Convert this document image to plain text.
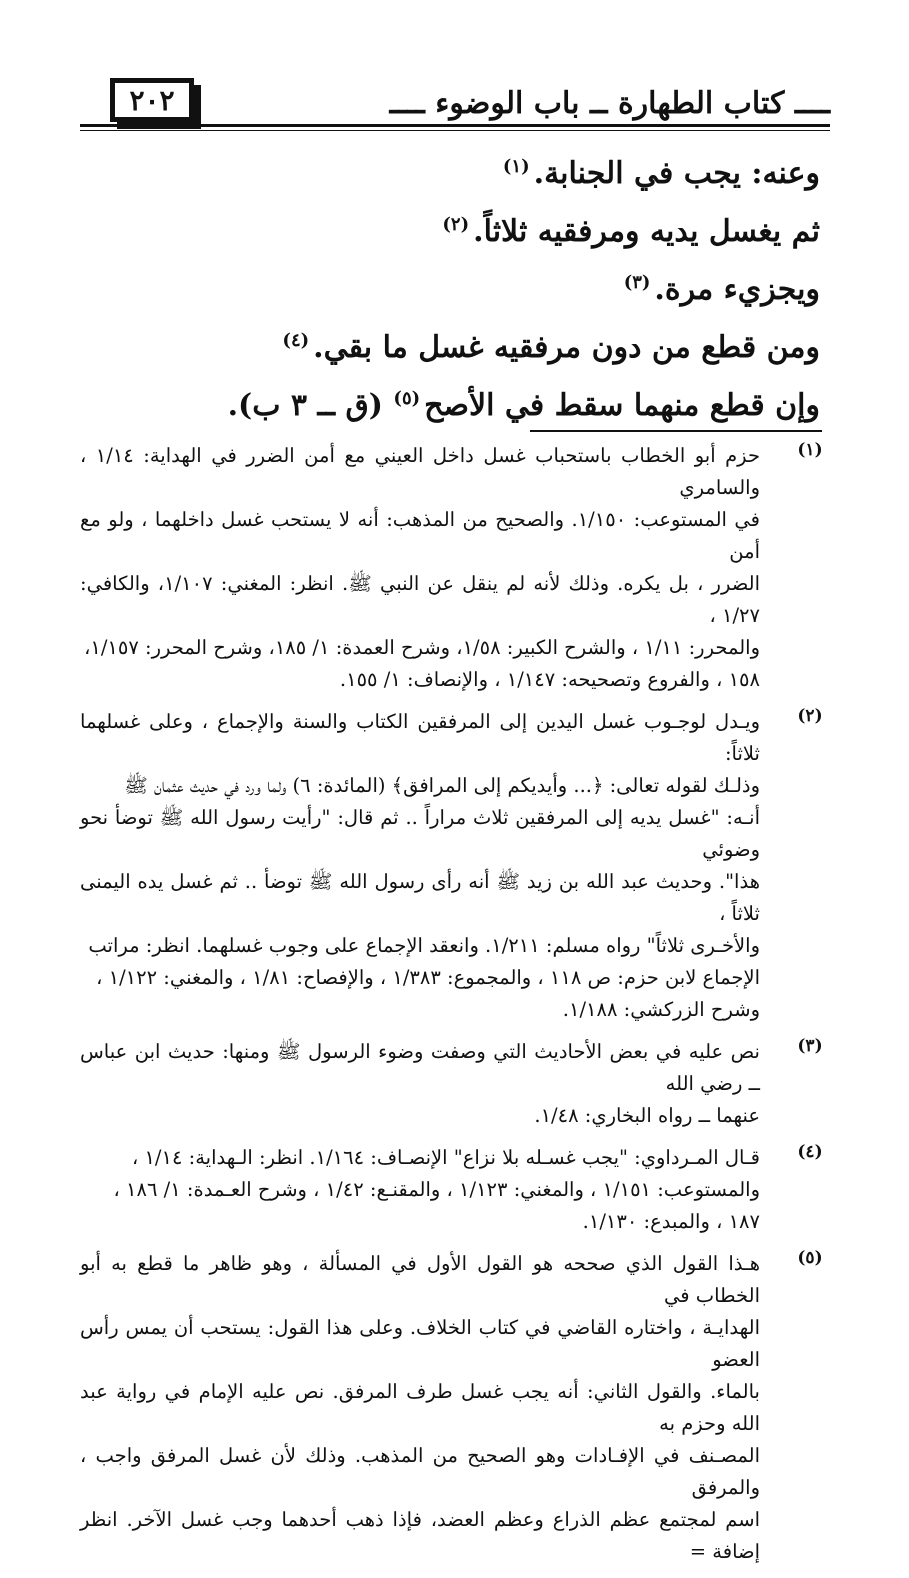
٢٠٢	ــــ كتاب الطهارة ــ باب الوضوء ــــ
وعنه: يجب في الجنابة.$^{(١)}$
ثم يغسل يديه ومرفقيه ثلاثاً.$^{(٢)}$
ويجزيء مرة.$^{(٣)}$
ومن قطع من دون مرفقيه غسل ما بقي.$^{(٤)}$
وإن قطع منهما سقط في الأصح$^{(٥)}$ (ق ــ ٣ ب).
(١)
حزم أبو الخطاب باستحباب غسل داخل العيني مع أمن الضرر في الهداية: ١/١٤ ، والسامري
في المستوعب: ١/١٥٠. والصحيح من المذهب: أنه لا يستحب غسل داخلهما ، ولو مع أمن
الضرر ، بل يكره. وذلك لأنه لم ينقل عن النبي ﷺ. انظر: المغني: ١/١٠٧، والكافي: ١/٢٧ ،
والمحرر: ١/١١ ، والشرح الكبير: ١/٥٨، وشرح العمدة: ١/ ١٨٥، وشرح المحرر: ١/١٥٧،
١٥٨ ، والفروع وتصحيحه: ١/١٤٧ ، والإنصاف: ١/ ١٥٥.
(٢)
ويـدل لوجـوب غسل اليدين إلى المرفقين الكتاب والسنة والإجماع ، وعلى غسلهما ثلاثاً:
وذلـك لقوله تعالى: ﴿... وأيديكم إلى المرافق﴾ (المائدة: ٦) ولما ورد في حديث عثمان ﷺ
أنـه: "غسل يديه إلى المرفقين ثلاث مراراً .. ثم قال: "رأيت رسول الله ﷺ توضأ نحو وضوئي
هذا". وحديث عبد الله بن زيد ﷺ أنه رأى رسول الله ﷺ توضأ .. ثم غسل يده اليمنى ثلاثاً ،
والأخـرى ثلاثاً" رواه مسلم: ١/٢١١. وانعقد الإجماع على وجوب غسلهما. انظر: مراتب
الإجماع لابن حزم: ص ١١٨ ، والمجموع: ١/٣٨٣ ، والإفصاح: ١/٨١ ، والمغني: ١/١٢٢ ،
وشرح الزركشي: ١/١٨٨.
(٣)
نص عليه في بعض الأحاديث التي وصفت وضوء الرسول ﷺ ومنها: حديث ابن عباس ــ رضي الله
عنهما ــ رواه البخاري: ١/٤٨.
(٤)
قـال المـرداوي: "يجب غسـله بلا نزاع" الإنصـاف: ١/١٦٤. انظر: الـهداية: ١/١٤ ،
والمستوعب: ١/١٥١ ، والمغني: ١/١٢٣ ، والمقنـع: ١/٤٢ ، وشرح العـمدة: ١/ ١٨٦ ،
١٨٧ ، والمبدع: ١/١٣٠.
(٥)
هـذا القول الذي صححه هو القول الأول في المسألة ، وهو ظاهر ما قطع به أبو الخطاب في
الهدايـة ، واختاره القاضي في كتاب الخلاف. وعلى هذا القول: يستحب أن يمس رأس العضو
بالماء. والقول الثاني: أنه يجب غسل طرف المرفق. نص عليه الإمام في رواية عبد الله وحزم به
المصـنف في الإفـادات وهو الصحيح من المذهب. وذلك لأن غسل المرفق واجب ، والمرفق
اسم لمجتمع عظم الذراع وعظم العضد، فإذا ذهب أحدهما وجب غسل الآخر. انظر إضافة =
